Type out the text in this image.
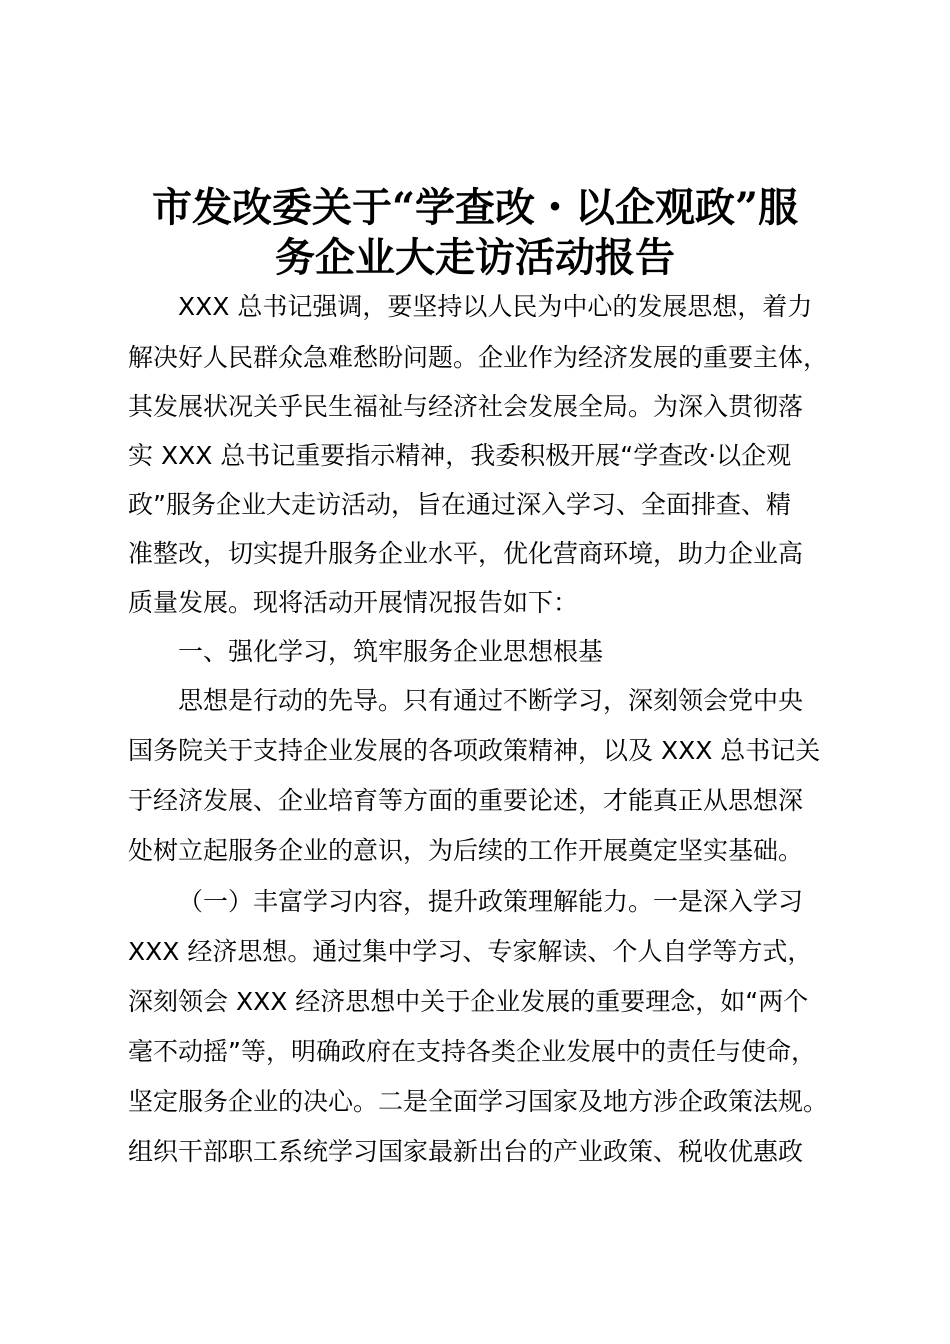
市发改委关于“学查改・以企观政”服
务企业大走访活动报告
XXX 总书记强调，要坚持以人民为中心的发展思想，着力
解决好人民群众急难愁盼问题。企业作为经济发展的重要主体，
其发展状况关乎民生福祉与经济社会发展全局。为深入贯彻落
实 XXX 总书记重要指示精神，我委积极开展“学查改·以企观
政”服务企业大走访活动，旨在通过深入学习、全面排查、精
准整改，切实提升服务企业水平，优化营商环境，助力企业高
质量发展。现将活动开展情况报告如下：
一、强化学习，筑牢服务企业思想根基
思想是行动的先导。只有通过不断学习，深刻领会党中央
国务院关于支持企业发展的各项政策精神，以及 XXX 总书记关
于经济发展、企业培育等方面的重要论述，才能真正从思想深
处树立起服务企业的意识，为后续的工作开展奠定坚实基础。
（一）丰富学习内容，提升政策理解能力。一是深入学习
XXX 经济思想。通过集中学习、专家解读、个人自学等方式，
深刻领会 XXX 经济思想中关于企业发展的重要理念，如“两个
毫不动摇”等，明确政府在支持各类企业发展中的责任与使命，
坚定服务企业的决心。二是全面学习国家及地方涉企政策法规。
组织干部职工系统学习国家最新出台的产业政策、税收优惠政
